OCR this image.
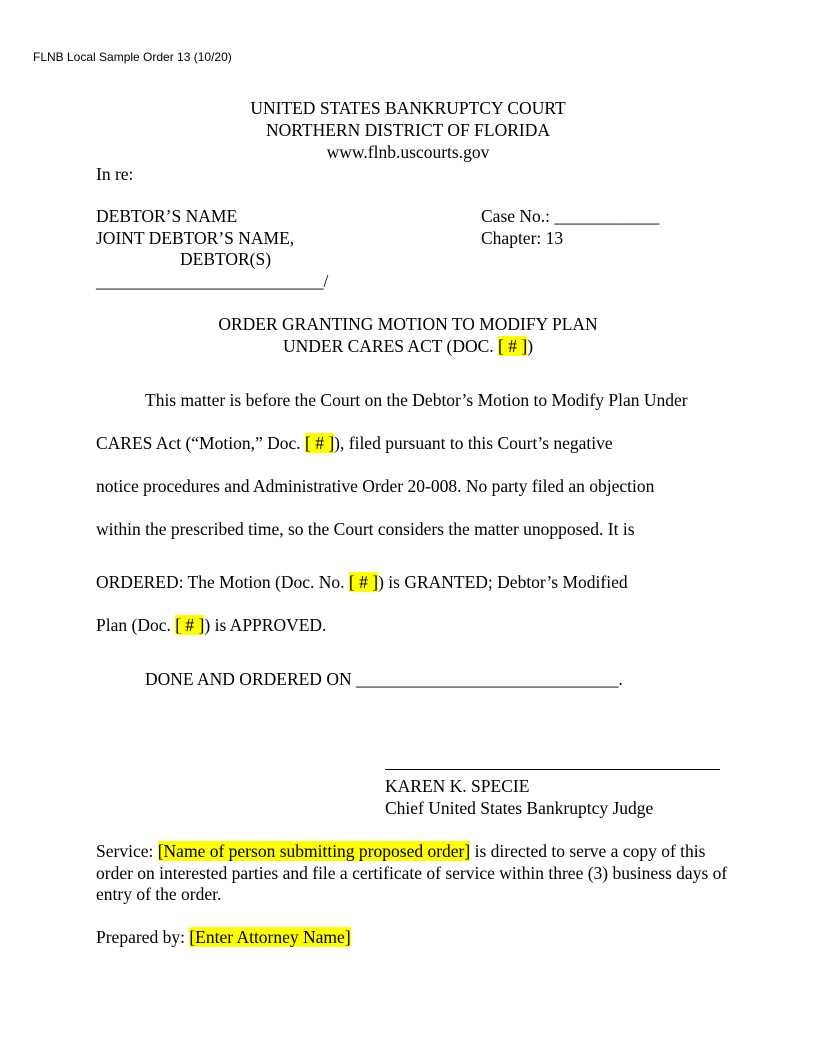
FLNB Local Sample Order 13 (10/20)
UNITED STATES BANKRUPTCY COURT
NORTHERN DISTRICT OF FLORIDA
www.flnb.uscourts.gov
In re:
DEBTOR’S NAME
JOINT DEBTOR’S NAME,
DEBTOR(S)
__________________________/
Case No.: ____________
Chapter: 13
ORDER GRANTING MOTION TO MODIFY PLAN
UNDER CARES ACT (DOC. [ # ])
This matter is before the Court on the Debtor’s Motion to Modify Plan Under
CARES Act (“Motion,” Doc. [ # ]), filed pursuant to this Court’s negative
notice procedures and Administrative Order 20-008. No party filed an objection
within the prescribed time, so the Court considers the matter unopposed. It is
ORDERED: The Motion (Doc. No. [ # ]) is GRANTED; Debtor’s Modified
Plan (Doc. [ # ]) is APPROVED.
DONE AND ORDERED ON ______________________________.
KAREN K. SPECIE
Chief United States Bankruptcy Judge
Service: [Name of person submitting proposed order] is directed to serve a copy of this order on interested parties and file a certificate of service within three (3) business days of entry of the order.
Prepared by: [Enter Attorney Name]
